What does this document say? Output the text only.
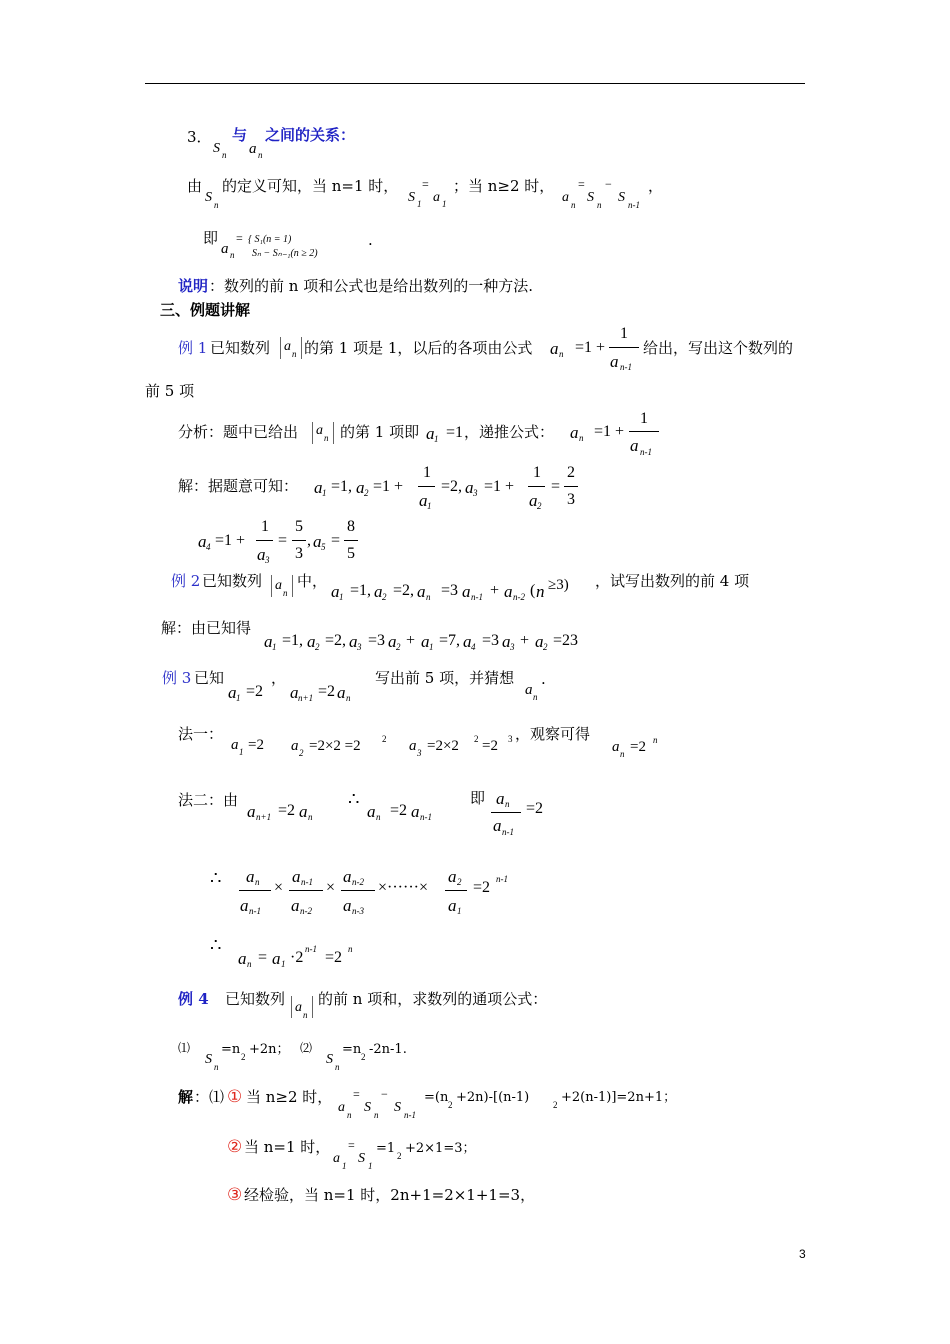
3．
S n
与
a n
之间的关系：
由
S n
的定义可知，当 n=1 时， =
S 1 a 1
；当 n≥2 时， = −
a n S n S n-1
，
即
a n
= { S₁(n = 1)
Sₙ − Sₙ₋₁(n ≥ 2)
.
说明 ：数列的前 n 项和公式也是给出数列的一种方法.
三、例题讲解
例 1 已知数列 a n 的第 1 项是 1，以后的各项由公式 a n =1 +
1
a n-1
给出，写出这个数列的
前 5 项
分析：题中已给出 a n 的第 1 项即 a 1 =1 ，递推公式： a n =1 +
1
a n-1
解：据题意可知： a 1 =1, a 2 =1 +
1
a 1
=2, a 3 =1 +
1
a 2
=
2
3
a 4 =1 +
1
a 3
=
5
3
, a 5 =
8
5
例 2 已知数列 a n
中，
a 1 =1, a 2 =2, a n =3 a n-1 + a n-2 ( n ≥3) ，试写出数列的前 4 项
解：由已知得
a 1 =1, a 2 =2, a 3 =3 a 2 + a 1 =7, a 4 =3 a 3 + a 2 =23
例 3 已知
a 1 =2
，
a n+1 =2 a n
写出前 5 项，并猜想
a n
.
法一：
a 1 =2 a 2 =2×2 =2 2 a 3 =2×2 2 =2 3 ，观察可得
a n =2 n
法二：由
a n+1 =2 a n
∴
a n =2 a n-1
即 a n
a n-1
=2
∴ a n
a n-1
×
a n-1
a n-2
×
a n-2
a n-3
×······×
a 2
a 1
=2 n-1
∴
a n = a 1 ·2 n-1 =2 n
例 4 已知数列 a n
的前 n 项和，求数列的通项公式：
⑴
S n
=n 2 +2n； ⑵
S n
=n 2 -2n-1.
解 ：⑴ ① 当 n≥2 时， = −
a n S n S n-1
=(n 2 +2n)-[(n-1)	2 +2(n-1)]=2n+1；
② 当 n=1 时， =
a 1 S 1
=1 2 +2×1=3；
③ 经检验，当 n=1 时，2n+1=2×1+1=3，
3
